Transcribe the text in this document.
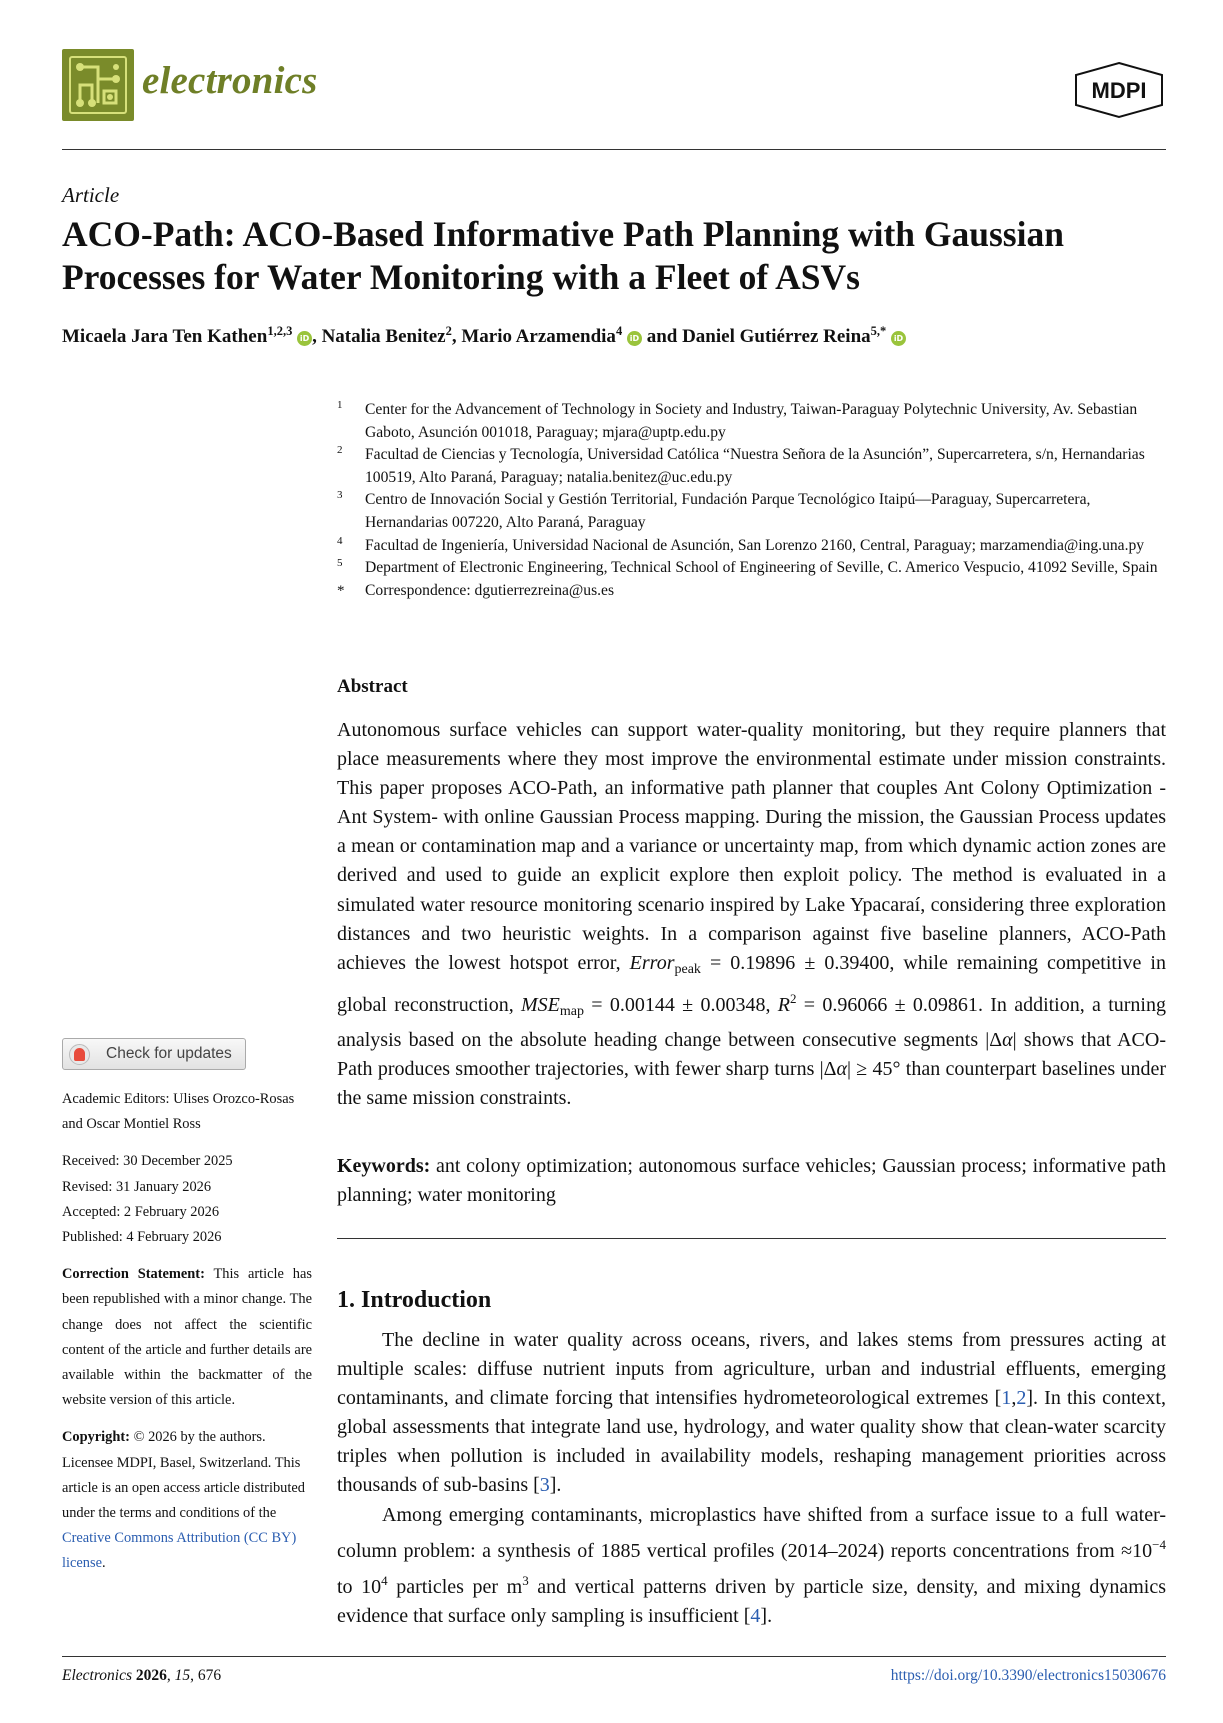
electronics	MDPI
Article
ACO-Path: ACO-Based Informative Path Planning with Gaussian Processes for Water Monitoring with a Fleet of ASVs
Micaela Jara Ten Kathen$^{1,2,3}$ iD , Natalia Benitez$^2$, Mario Arzamendia$^4$ iD and Daniel Gutiérrez Reina$^{5,*}$ iD
1 Center for the Advancement of Technology in Society and Industry, Taiwan-Paraguay Polytechnic University, Av. Sebastian Gaboto, Asunción 001018, Paraguay; mjara@uptp.edu.py
2 Facultad de Ciencias y Tecnología, Universidad Católica “Nuestra Señora de la Asunción”, Supercarretera, s/n, Hernandarias 100519, Alto Paraná, Paraguay; natalia.benitez@uc.edu.py
3 Centro de Innovación Social y Gestión Territorial, Fundación Parque Tecnológico Itaipú—Paraguay, Supercarretera, Hernandarias 007220, Alto Paraná, Paraguay
4 Facultad de Ingeniería, Universidad Nacional de Asunción, San Lorenzo 2160, Central, Paraguay; marzamendia@ing.una.py
5 Department of Electronic Engineering, Technical School of Engineering of Seville, C. Americo Vespucio, 41092 Seville, Spain
* Correspondence: dgutierrezreina@us.es
Abstract
Autonomous surface vehicles can support water-quality monitoring, but they require planners that place measurements where they most improve the environmental estimate under mission constraints. This paper proposes ACO-Path, an informative path planner that couples Ant Colony Optimization -Ant System- with online Gaussian Process mapping. During the mission, the Gaussian Process updates a mean or contamination map and a variance or uncertainty map, from which dynamic action zones are derived and used to guide an explicit explore then exploit policy. The method is evaluated in a simulated water resource monitoring scenario inspired by Lake Ypacaraí, considering three exploration distances and two heuristic weights. In a comparison against five baseline planners, ACO-Path achieves the lowest hotspot error, Error$_{peak}$ = 0.19896 ± 0.39400, while remaining competitive in global reconstruction, $MSE_{map} = 0.00144 \pm 0.00348$, $R^2 = 0.96066 \pm 0.09861$. In addition, a turning analysis based on the absolute heading change between consecutive segments |Δα| shows that ACO-Path produces smoother trajectories, with fewer sharp turns |Δα| ≥ 45° than counterpart baselines under the same mission constraints.
Keywords: ant colony optimization; autonomous surface vehicles; Gaussian process; informative path planning; water monitoring
Check for updates

Academic Editors: Ulises Orozco-Rosas and Oscar Montiel Ross

Received: 30 December 2025

Revised: 31 January 2026

Accepted: 2 February 2026

Published: 4 February 2026

Correction Statement: This article has been republished with a minor change. The change does not affect the scientific content of the article and further details are available within the backmatter of the website version of this article.

Copyright: © 2026 by the authors. Licensee MDPI, Basel, Switzerland. This article is an open access article distributed under the terms and conditions of the Creative Commons Attribution (CC BY) license.

1. Introduction

The decline in water quality across oceans, rivers, and lakes stems from pressures acting at multiple scales: diffuse nutrient inputs from agriculture, urban and industrial effluents, emerging contaminants, and climate forcing that intensifies hydrometeorological extremes [1,2]. In this context, global assessments that integrate land use, hydrology, and water quality show that clean-water scarcity triples when pollution is included in availability models, reshaping management priorities across thousands of sub-basins [3].

Among emerging contaminants, microplastics have shifted from a surface issue to a full water-column problem: a synthesis of 1885 vertical profiles (2014–2024) reports concentrations from $\approx 10^{-4}$ to $10^4$ particles per $m^3$ and vertical patterns driven by particle size, density, and mixing dynamics evidence that surface only sampling is insufficient [4].

Electronics 2026, 15, 676	https://doi.org/10.3390/electronics15030676
